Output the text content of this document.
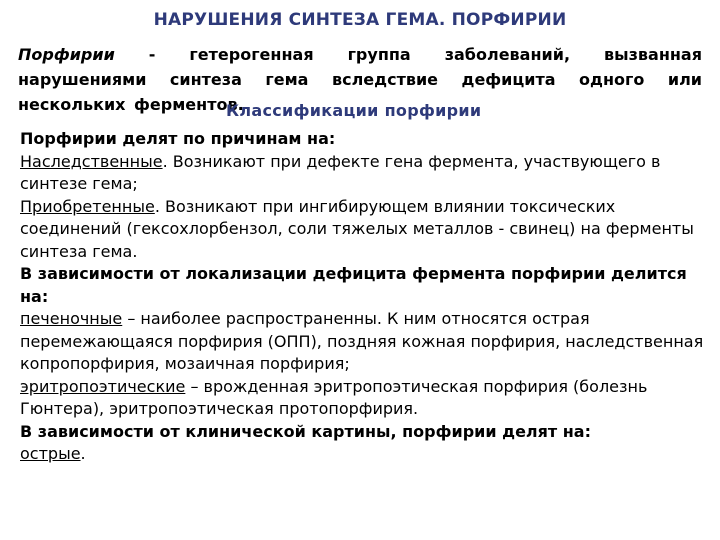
НАРУШЕНИЯ СИНТЕЗА ГЕМА. ПОРФИРИИ
Порфирии - гетерогенная группа заболеваний, вызванная нарушениями синтеза гема вследствие дефицита одного или нескольких ферментов.
Классификации порфирии

Порфирии делят по причинам на:

Наследственные. Возникают при дефекте гена фермента, участвующего в синтезе гема;

Приобретенные. Возникают при ингибирующем влиянии токсических соединений (гексохлорбензол, соли тяжелых металлов - свинец) на ферменты синтеза гема.

В зависимости от локализации дефицита фермента порфирии делится на:

печеночные – наиболее распространенны. К ним относятся острая перемежающаяся порфирия (ОПП), поздняя кожная порфирия, наследственная копропорфирия, мозаичная порфирия;

эритропоэтические – врожденная эритропоэтическая порфирия (болезнь Гюнтера), эритропоэтическая протопорфирия.

В зависимости от клинической картины, порфирии делят на:

острые.
